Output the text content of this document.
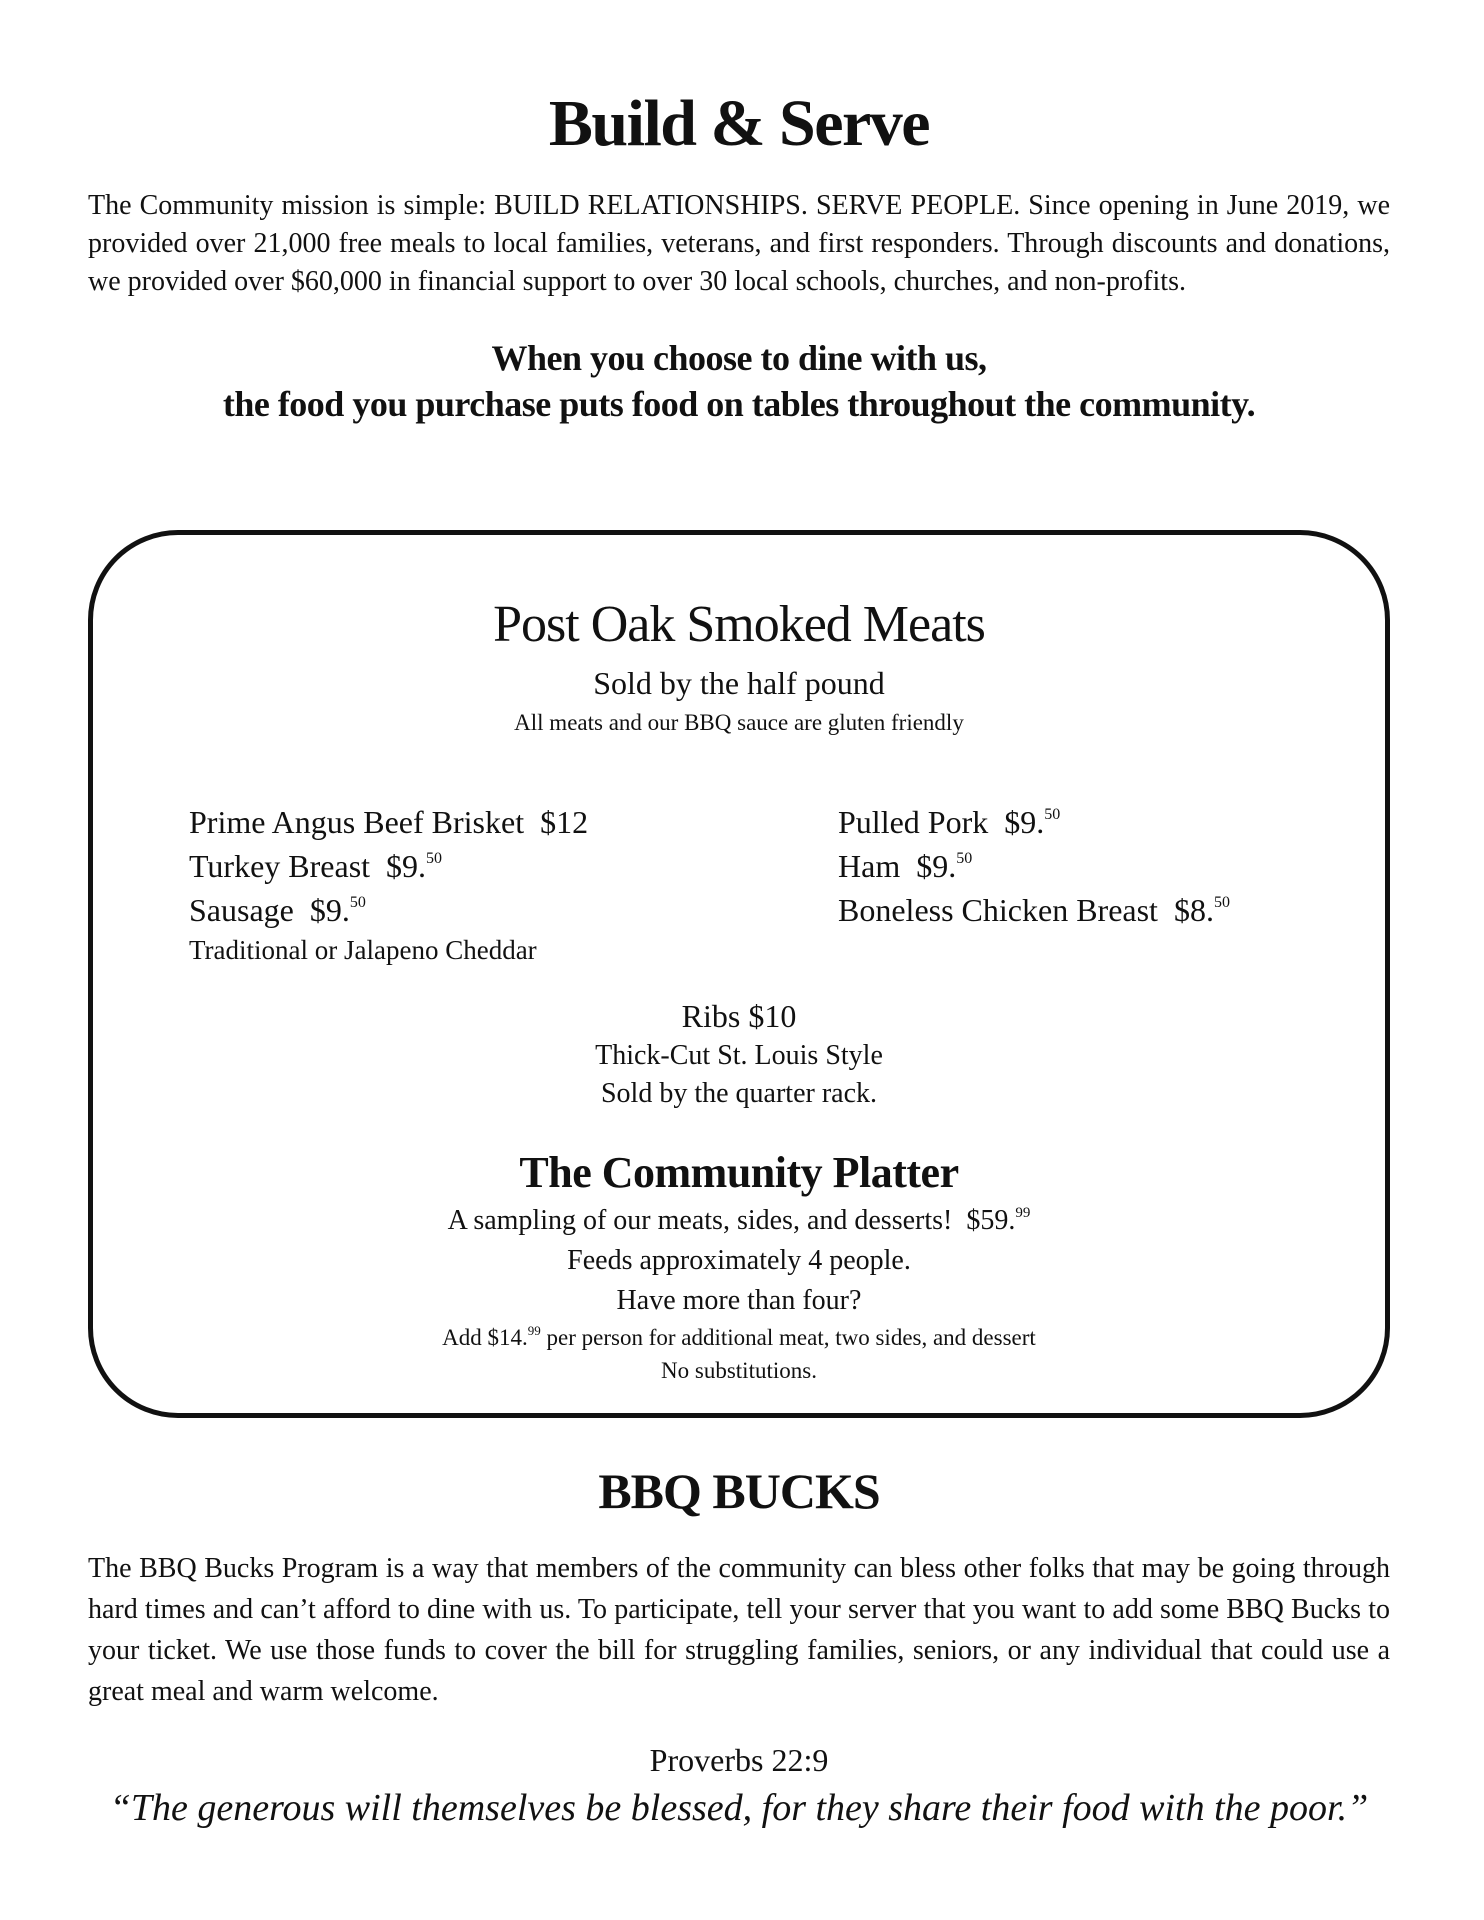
Build & Serve

The Community mission is simple: BUILD RELATIONSHIPS. SERVE PEOPLE. Since opening in June 2019, we provided over 21,000 free meals to local families, veterans, and first responders. Through discounts and donations, we provided over $60,000 in financial support to over 30 local schools, churches, and non-profits.

When you choose to dine with us,
the food you purchase puts food on tables throughout the community.
Post Oak Smoked Meats
Sold by the half pound
All meats and our BBQ sauce are gluten friendly
Prime Angus Beef Brisket $12
Turkey Breast $9.50
Sausage $9.50
Traditional or Jalapeno Cheddar
Pulled Pork $9.50
Ham $9.50
Boneless Chicken Breast $8.50
Ribs $10
Thick-Cut St. Louis Style
Sold by the quarter rack.
The Community Platter
A sampling of our meats, sides, and desserts! $59.99
Feeds approximately 4 people.
Have more than four?
Add $14.99 per person for additional meat, two sides, and dessert
No substitutions.
BBQ BUCKS

The BBQ Bucks Program is a way that members of the community can bless other folks that may be going through hard times and can’t afford to dine with us. To participate, tell your server that you want to add some BBQ Bucks to your ticket. We use those funds to cover the bill for struggling families, seniors, or any individual that could use a great meal and warm welcome.

Proverbs 22:9
“The generous will themselves be blessed, for they share their food with the poor.”
